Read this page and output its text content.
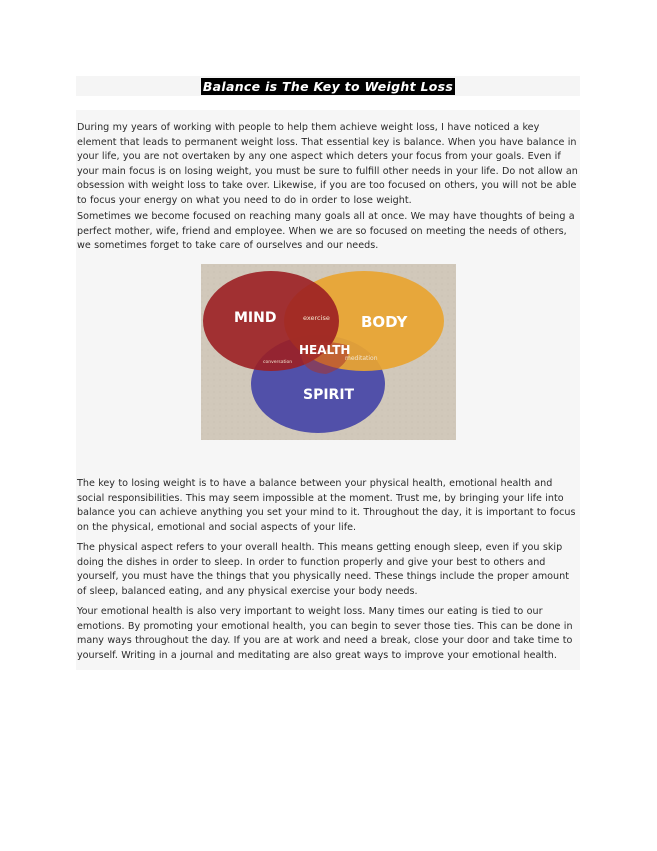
Balance is The Key to Weight Loss

During my years of working with people to help them achieve weight loss, I have noticed a key element that leads to permanent weight loss. That essential key is balance. When you have balance in your life, you are not overtaken by any one aspect which deters your focus from your goals. Even if your main focus is on losing weight, you must be sure to fulfill other needs in your life. Do not allow an obsession with weight loss to take over. Likewise, if you are too focused on others, you will not be able to focus your energy on what you need to do in order to lose weight.

Sometimes we become focused on reaching many goals all at once. We may have thoughts of being a perfect mother, wife, friend and employee. When we are so focused on meeting the needs of others, we sometimes forget to take care of ourselves and our needs.

MIND	BODY
SPIRIT
HEALTH
exercise
conversation
meditation

The key to losing weight is to have a balance between your physical health, emotional health and social responsibilities. This may seem impossible at the moment. Trust me, by bringing your life into balance you can achieve anything you set your mind to it. Throughout the day, it is important to focus on the physical, emotional and social aspects of your life.

The physical aspect refers to your overall health. This means getting enough sleep, even if you skip doing the dishes in order to sleep. In order to function properly and give your best to others and yourself, you must have the things that you physically need. These things include the proper amount of sleep, balanced eating, and any physical exercise your body needs.

Your emotional health is also very important to weight loss. Many times our eating is tied to our emotions. By promoting your emotional health, you can begin to sever those ties. This can be done in many ways throughout the day. If you are at work and need a break, close your door and take time to yourself. Writing in a journal and meditating are also great ways to improve your emotional health.
